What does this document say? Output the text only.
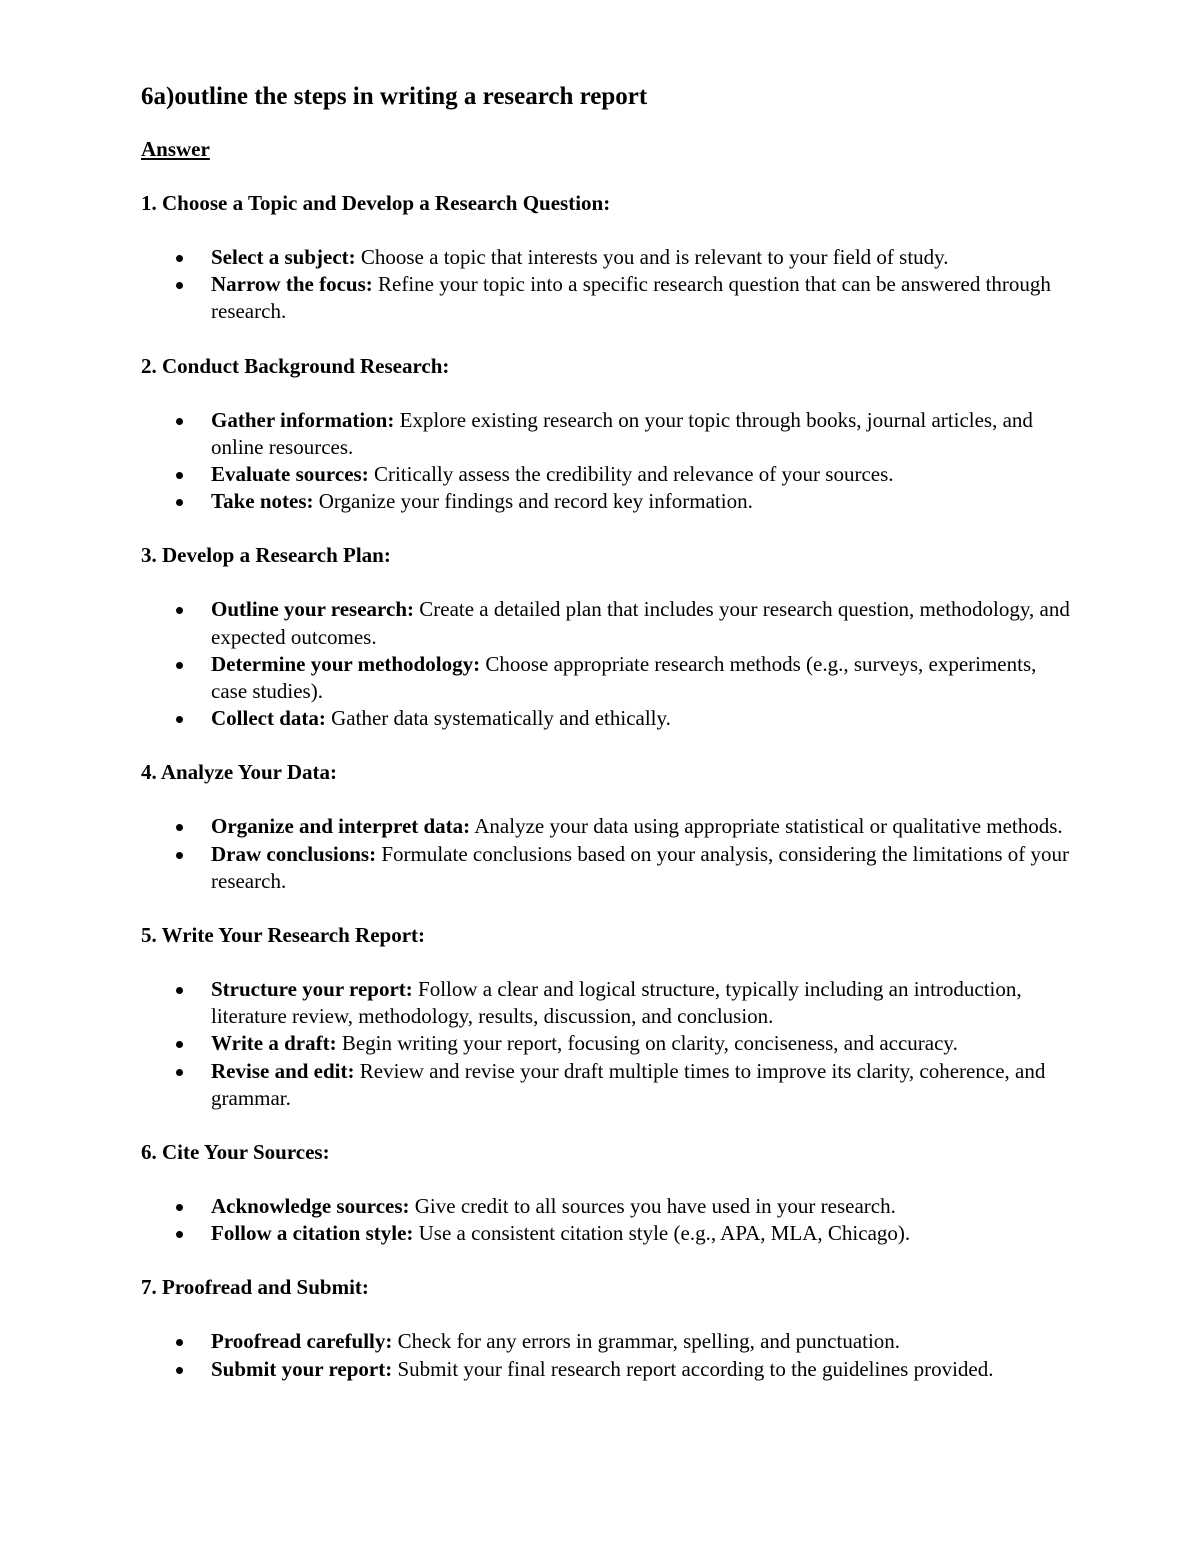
6a)outline the steps in writing a research report
Answer
1. Choose a Topic and Develop a Research Question:
Select a subject: Choose a topic that interests you and is relevant to your field of study.
Narrow the focus: Refine your topic into a specific research question that can be answered through research.
2. Conduct Background Research:
Gather information: Explore existing research on your topic through books, journal articles, and online resources.
Evaluate sources: Critically assess the credibility and relevance of your sources.
Take notes: Organize your findings and record key information.
3. Develop a Research Plan:
Outline your research: Create a detailed plan that includes your research question, methodology, and expected outcomes.
Determine your methodology: Choose appropriate research methods (e.g., surveys, experiments, case studies).
Collect data: Gather data systematically and ethically.
4. Analyze Your Data:
Organize and interpret data: Analyze your data using appropriate statistical or qualitative methods.
Draw conclusions: Formulate conclusions based on your analysis, considering the limitations of your research.
5. Write Your Research Report:
Structure your report: Follow a clear and logical structure, typically including an introduction, literature review, methodology, results, discussion, and conclusion.
Write a draft: Begin writing your report, focusing on clarity, conciseness, and accuracy.
Revise and edit: Review and revise your draft multiple times to improve its clarity, coherence, and grammar.
6. Cite Your Sources:
Acknowledge sources: Give credit to all sources you have used in your research.
Follow a citation style: Use a consistent citation style (e.g., APA, MLA, Chicago).
7. Proofread and Submit:
Proofread carefully: Check for any errors in grammar, spelling, and punctuation.
Submit your report: Submit your final research report according to the guidelines provided.
